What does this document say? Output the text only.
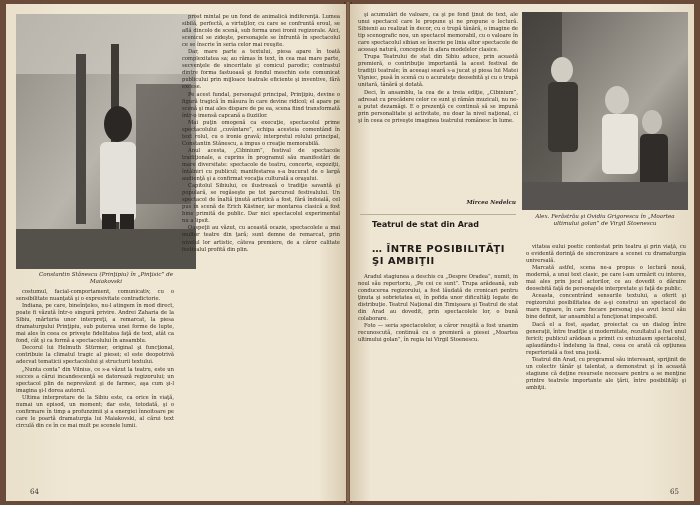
Constantin Stănescu (Prinţipiu) în „Pinţisic” de Maiakovski

costumul, facial-comportament, comunicativ, cu o sensibilitate nuanţată şi o expresivitate contradictorie.

Indiana, pe care, bineînţeles, nu-l atingem în mod direct, poate fi văzută într-o singură privire. Andrei Zaharia de la Sibiu, mărturia unor interpreţi, a remarcat, la piesa dramaturgului Prinţipiu, sub puterea unei forme de lupte, mai ales în ceea ce priveşte fidelitatea faţă de text, atât ca fond, cât şi ca formă a spectacolului în ansamblu.

Decorul lui Helmuth Stürmer, original şi funcţional, contribuie la climatul tragic al piesei; el este deopotrivă adecvat tematicii spectacolului şi structurii textului.

„Nunta conta” din Vilnius, ce s-a văzut la teatru, este un succes a cărui incandescenţă se datorează regizorului; un spectacol plin de neprevăzut şi de farmec, aşa cum şi-l imagina şi-l dorea autorul.

Ultima interpretare de la Sibiu este, ca orice în viaţă, numai un episod, un moment; dar este, totodată, şi o confirmare în timp a profunzimii şi a energiei înnoitoare pe care le poartă dramaturgia lui Maiakovski, al cărui text circulă din ce în ce mai mult pe scenele lumii.

prost mintal pe un fond de animalică indiferenţă. Lumea sibilă, perfectă, a virtuţilor, cu care se confruntă eroul, se află dincolo de scenă, sub forma unei ironii regizorale. Aici, scenicul se zideşte, personajele se înfruntă în spectacolul ce se înscrie în seria celor mai reuşite.

Dar, mare parte a textului, piesa apare în toată complexitatea sa; au rămas în text, în cea mai mare parte, secvenţele de sinceritate şi comicul parodic; contrastul dintre forma fastuoasă şi fondul meschin este comunicat publicului prin mijloace teatrale eficiente şi inventive, fără excese.

Pe acest fundal, personajul principal, Prinţipiu, devine o figură tragică în măsura în care devine ridicol; el apare pe scenă şi mai ales dispare de pe ea, scena fiind transformată într-o imensă capcană a iluziilor.

Mai puţin omogenă ca execuţie, spectacolul prime spectacolului „cuvântare”, echipa acesteia comentând în text rolul, cu o ironie gravă; interpretul rolului principal, Constantin Stănescu, a impus o creaţie memorabilă.

Anul acesta, „Cibinium”, festival de spectacole tradiţionale, a cuprins în programul său manifestări de mare diversitate: spectacole de teatru, concerte, expoziţii, întâlniri cu publicul; manifestarea s-a bucurat de o largă audienţă şi a confirmat vocaţia culturală a oraşului.

Capitolul Sibiului, ce ilustrează o tradiţie savantă şi populară, se regăseşte pe tot parcursul festivalului. Un spectacol de înaltă ţinută artistică a fost, fără îndoială, cel pus în scenă de Erich Kästner, iar montarea clasică a fost bine primită de public. Dar nici spectacolul experimental nu a lipsit.

Oaspeţii au văzut, cu această ocazie, spectacolele a mai multor teatre din ţară; sunt demne de remarcat, prin nivelul lor artistic, câteva premiere, de a căror calitate festivalul profită din plin.

64

şi acumulări de valoare, ca şi pe fond ţinut de text, ale unui spectacol care le propune şi ne propune o lectură. Sibienii au realizat în decor, cu o trupă tânără, o imagine de tip scenografic nou, un spectacol memorabil, cu o valoare în care spectacolul sibian se înscrie pe linia altor spectacole de aceeaşi natură, concepute în afara modelelor clasice.

Trupa Teatrului de stat din Sibiu aduce, prin această premieră, o contribuţie importantă la acest festival de tradiţii teatrale; în aceeaşi seară s-a jucat şi piesa lui Matei Vişniec, pusă în scenă cu o acurateţe deosebită şi cu o trupă unitară, tânără şi dotată.

Deci, în ansamblu, la cea de a treia ediţie, „Cibinium”, adresat cu precădere celor ce sunt şi rămân muzicali, nu ne-a putut dezamăgi. E o prezenţă ce continuă să se impună prin personalitate şi activitate, nu doar la nivel naţional, ci şi în ceea ce priveşte imaginea teatrului românesc în lume.

Mircea Nedelcu
Teatrul de stat din Arad
… ÎNTRE POSIBILITĂŢI ŞI AMBIŢII

Aradul stagiunea a deschis cu „Despre Oradea”, numit, în noul său repertoriu, „Pe cei ce sunt”. Trupa arădeană, sub conducerea regizorului, a fost lăudată de cronicari pentru ţinuta şi sobrietatea ei, în pofida unor dificultăţi legate de distribuţie. Teatrul Naţional din Timişoara şi Teatrul de stat din Arad au dovedit, prin spectacolele lor, o bună colaborare.

Foto — seria spectacolelor, a căror reuşită a fost unanim recunoscută, continuă cu o premieră a piesei „Moartea ultimului golan”, în regia lui Virgil Stoenescu.

Alex. Ferăstrău şi Ovidiu Grigorescu în „Moartea ultimului golan” de Virgil Stoenescu

vitatea eului poetic contestat prin teatru şi prin viaţă, cu o evidentă dorinţă de sincronizare a scenei cu dramaturgia universală.

Marcată astfel, scena ne-a propus o lectură nouă, modernă, a unui text clasic, pe care l-am urmărit cu interes, mai ales prin jocul actorilor, ce au dovedit o dăruire deosebită faţă de personajele interpretate şi faţă de public.

Aceasta, concentrând sensurile textului, a oferit şi regizorului posibilitatea de a-şi construi un spectacol de mare rigoare, în care fiecare personaj şi-a avut locul său bine definit, iar ansamblul a funcţionat impecabil.

Dacă el a fost, aşadar, proiectat ca un dialog între generaţii, între tradiţie şi modernitate, rezultatul a fost unul fericit; publicul arădean a primit cu entuziasm spectacolul, aplaudându-l îndelung la final, ceea ce arată că opţiunea repertorială a fost una justă.

Teatrul din Arad, cu programul său interesant, sprijinit de un colectiv tânăr şi talentat, a demonstrat şi în această stagiune că deţine resursele necesare pentru a se menţine printre teatrele importante ale ţării, între posibilităţi şi ambiţii.

65
